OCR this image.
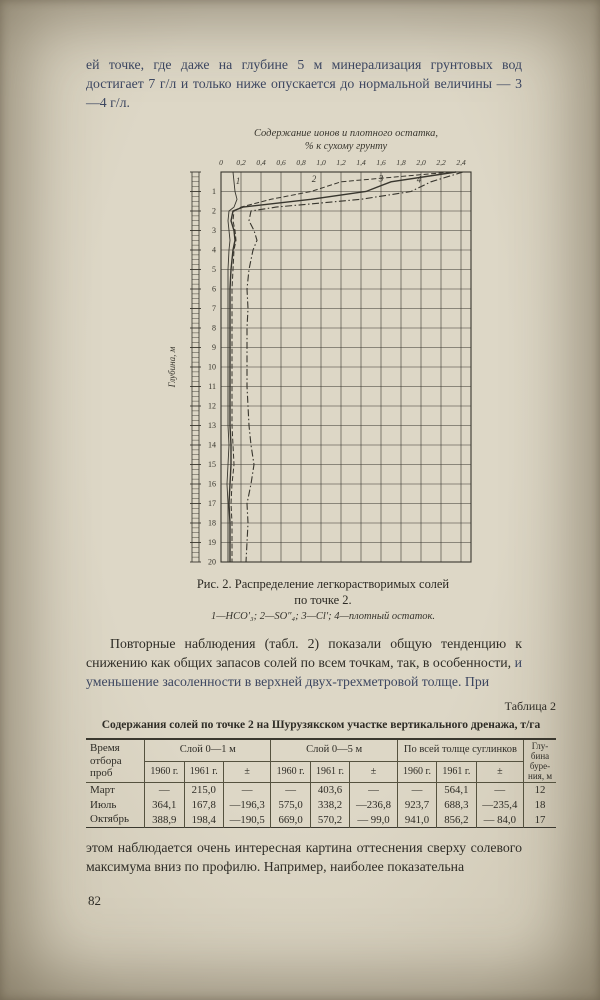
ей точке, где даже на глубине 5 м минерализация грунтовых вод достигает 7 г/л и только ниже опускается до нормальной величины — 3—4 г/л.

Содержание ионов и плотного остатка,
% к сухому грунту
0 0,2 0,4 0,6 0,8 1,0 1,2 1,4 1,6 1,8 2,0 2,2 2,4
1
2
3
4
5
6
7
8
9
10
11
12
13
14
15
16
17
18
19
20
Глубина, м
1	2	3	4
Рис. 2. Распределение легкорастворимых солей
по точке 2.
1—HCO′₃; 2—SO″₄; 3—Cl′; 4—плотный остаток.

Повторные наблюдения (табл. 2) показали общую тенденцию к снижению как общих запасов солей по всем точкам, так, в особенности, и уменьшение засоленности в верхней двух-трехметровой толще. При

Таблица 2
Содержания солей по точке 2 на Шурузякском участке вертикального дренажа, т/га
Время
отбора
проб	Слой 0—1 м			Слой 0—5 м			По всей толще суглинков			Глу-
бина
буре-
ния, м
	1960 г.	1961 г.	±	1960 г.	1961 г.	±	1960 г.	1961 г.	±	
Март	—	215,0	—	—	403,6	—	—	564,1	—	12
Июль	364,1	167,8	—196,3	575,0	338,2	—236,8	923,7	688,3	—235,4	18
Октябрь	388,9	198,4	—190,5	669,0	570,2	— 99,0	941,0	856,2	— 84,0	17

этом наблюдается очень интересная картина оттеснения сверху солевого максимума вниз по профилю. Например, наиболее показательна

82
